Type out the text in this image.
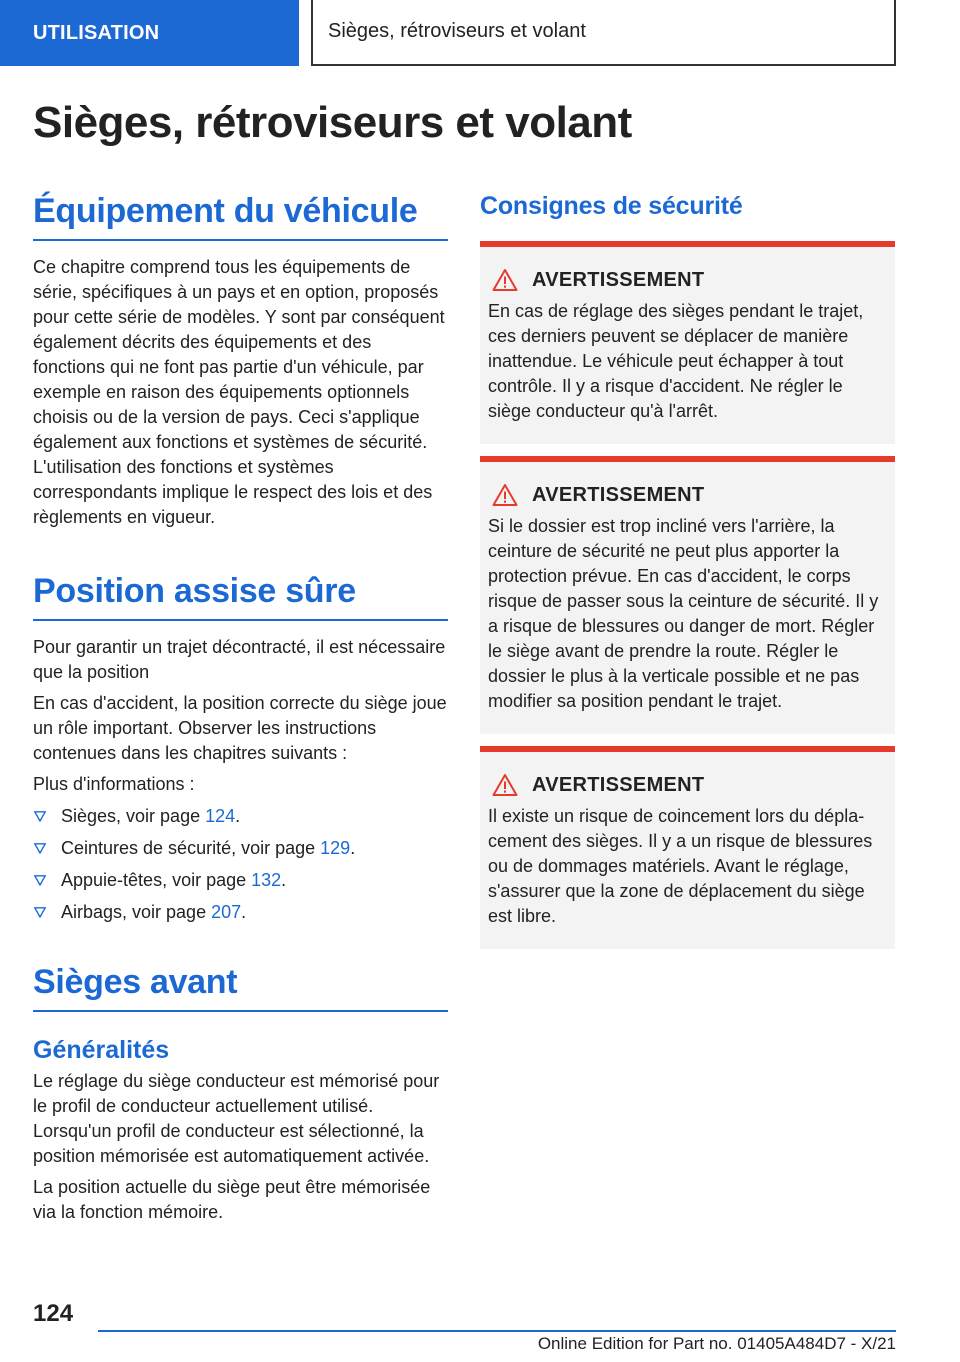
UTILISATION	Sièges, rétroviseurs et volant
Sièges, rétroviseurs et volant
Équipement du véhicule

Ce chapitre comprend tous les équipements de série, spécifiques à un pays et en option, proposés pour cette série de modèles. Y sont par conséquent également décrits des équipements et des fonctions qui ne font pas partie d'un véhicule, par exemple en raison des équipements optionnels choisis ou de la version de pays. Ceci s'applique également aux fonctions et systèmes de sécurité. L'utilisation des fonctions et systèmes correspondants implique le respect des lois et des règlements en vigueur.

Position assise sûre

Pour garantir un trajet décontracté, il est nécessaire que la position

En cas d'accident, la position correcte du siège joue un rôle important. Observer les instructions contenues dans les chapitres suivants :

Plus d'informations :

Sièges, voir page 124.
Ceintures de sécurité, voir page 129.
Appuie-têtes, voir page 132.
Airbags, voir page 207.
Sièges avant
Généralités

Le réglage du siège conducteur est mémorisé pour le profil de conducteur actuellement utilisé. Lorsqu'un profil de conducteur est sélectionné, la position mémorisée est automatiquement activée.

La position actuelle du siège peut être mémorisée via la fonction mémoire.

Consignes de sécurité
AVERTISSEMENT

En cas de réglage des sièges pendant le trajet, ces derniers peuvent se déplacer de manière inattendue. Le véhicule peut échapper à tout contrôle. Il y a risque d'accident. Ne régler le siège conducteur qu'à l'arrêt.

AVERTISSEMENT

Si le dossier est trop incliné vers l'arrière, la ceinture de sécurité ne peut plus apporter la protection prévue. En cas d'accident, le corps risque de passer sous la ceinture de sécurité. Il y a risque de blessures ou danger de mort. Régler le siège avant de prendre la route. Régler le dossier le plus à la verticale possible et ne pas modifier sa position pendant le trajet.

AVERTISSEMENT

Il existe un risque de coincement lors du déplacement des sièges. Il y a un risque de blessures ou de dommages matériels. Avant le réglage, s'assurer que la zone de déplacement du siège est libre.

124
Online Edition for Part no. 01405A484D7 - X/21
